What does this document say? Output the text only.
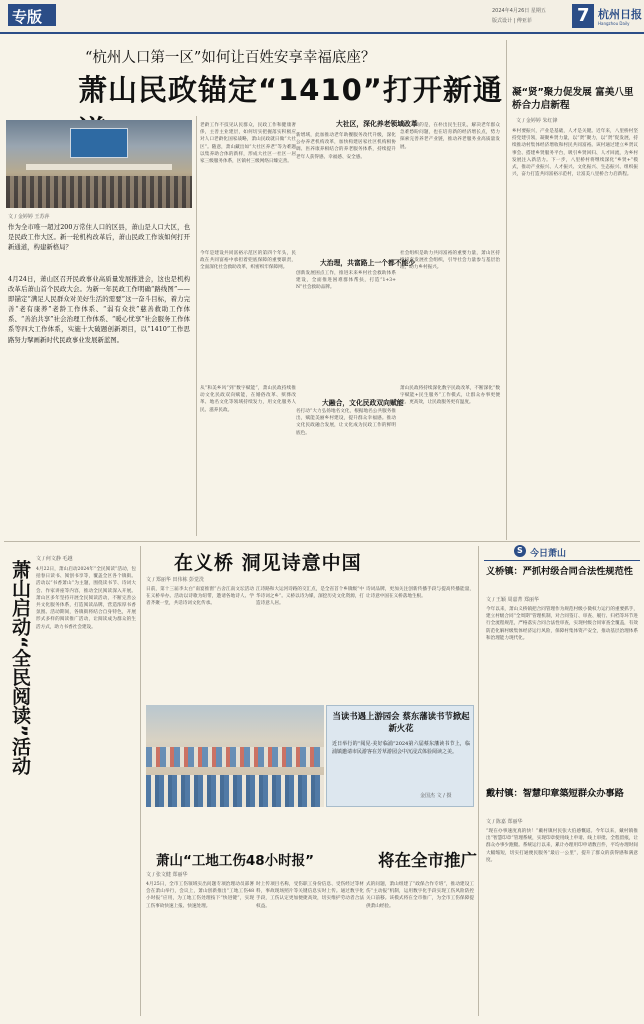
专版	2024年4月26日 星期五
版式设计 | 傅亚菲	7 杭州日报
Hangzhou Daily
“杭州人口第一区”如何让百姓安享幸福底座？
萧山民政锚定“1410”打开新通
文 / 金婷婷 王苏萍
作为全市唯一超过200万常住人口的区县，萧山是人口大区，也是民政工作大区。新一轮机构改革后，萧山民政工作该如何打开新通道，构建新格局？
4月24日，萧山区召开民政事业高质量发展推进会，这也是机构改革后萧山首个民政大会。为新一年民政工作明确“路线图”——即锚定“满足人民群众对美好生活的需要”这一奋斗目标，着力完善“老有康养”老龄工作体系、“弱有众扶”慈善救助工作体系、“善治共享”社会治理工作体系、“暖心忧享”社会服务工作体系等四大工作体系，实施十大破题创新项目，以“1410”工作思路努力擘画新时代民政事业发展新蓝图。
老龄工作不技见认民群众，民政工作和健康奢侈，主善主业建层，如何切实把握落实积极应对人口老龄化国家战略，萧山民政就日做“大社区”。随意，萧山藏出如“大社区养老”等为难题以集养助合体的新样，形成大社区一社区一居家三级服务体系，区镇村三级网络日臻完善。
大社区，深化养老领域改革
新增域，此加推动老年助餐服务改代升级，深化公办养老机构改革，加快构建居家社区机构相协调、医养康养相结合的养老服务体系，持续提升老年人获得感、幸福感、安全感。
得持一颈的是，在朴出民生狂轧，解决老年群众急难愁盼问题，也在培育新的经济增长点，势力探索完善养老产业链，推动养老服务业高质量发展。
大治理，共富路上一个都不能少
今年是建设共同富裕示范区的第四个年头，民政在共同富裕中承担着兜底保障的重要职责，全面深化社会救助改革，织密织牢保障网。
创新发展困点工作，推进未来乡村社会救助体系建设，全面推进困难群体帮扶，打造“1+3+N”社会救助品牌。
社会组织是助力共同富裕的重要力量，萧山区持续培育发展社会组织，引导社会力量参与基层治理，助力乡村振兴。
大融合，文化民政双向赋能
从“和美乡风”到“数字赋能”，萧山民政持续推动文化民政双向赋能，在婚俗改革、殡葬改革、地名文化等领域持续发力，用文化服务人民、滋养民政。	名打动“大力弘扬地名文化，根据地名公共服务推出，赋能美丽乡村建设，提升群众幸福感。推动文化民政融合发展，让文化成为民政工作的鲜明底色。
萧山民政将持续深化数字民政改革，不断深化“数字赋能+民生服务”工作模式，让群众办事更便捷、更高效，让民政服务更有温度。
凝“贤”聚力促发展 富美八里桥合力启新程
文 / 金婷婷 朱红锋
乡村要振兴，产业是基础，人才是关键。近年来，八里桥村坚持党建引领，凝聚乡贤力量，以“贤”聚力，以“贤”促发展，持续推动村集体经济增收和村民共同富裕。该村通过建立乡贤议事会、搭建乡贤服务平台，吸引乡贤回归、人才回流，为乡村发展注入新活力。下一步，八里桥村将继续深化“乡贤+”模式，推动产业振兴、人才振兴、文化振兴、生态振兴、组织振兴，奋力打造共同富裕示范村，让富美八里桥合力启新程。
萧山启动“全民阅读”活动
文 / 何文静 毛越
4月22日，萧山启动2024年“全民阅读”活动，包括春日读书、阅创书享等，覆盖全区各个镇街。活动以“书香萧山”为主题，围绕读书节、诗词大会、作家讲座等内容，推动全民阅读深入开展。萧山区多年坚持开展全民阅读活动，不断完善公共文化服务体系，打造阅读品牌，营造浓厚书香氛围。活动期间，各镇街将结合自身特色，开展形式多样的阅读推广活动，让阅读成为群众的生活方式，助力书香社会建设。
在义桥 洞见诗意中国
文 / 郑丽华 田伟栋 彭觉洗
日前，第十三届李太白“南宴推窗”古舍江南文坛活动在义桥举办。活动以诗歌为纽带，邀请各地诗人、学者齐聚一堂，共话诗词文化传承。
江诗路和大运河诗路的交汇点，是全省首个乡镇级“中华诗词之乡”。义桥以诗为媒，深挖历史文化资源，打造诗意人居。
诗词品牌，更加关注创新传播手段与提高传播能量，让诗意中国在义桥落地生根。
当读书遇上游园会 蔡东藩读书节掀起新火花
近日举行的“阅见·美好临浦”2024第六届蔡东藩读书节上，临浦镇邀请市民游客在芳草游园会中沉浸式体验阅读之美。
金国杰 文 / 摄
萧山“工地工伤48小时报”
文 / 张文健 郑丽华
将在全市推广
4月25日，全市工伤领域实出问题专项治理动员部署会在萧山举行，会议上，萧山创新推出“工地工伤48小时报”应用，为工地工伤处理按下“快进键”，实现工伤事故快速上报、快速处理。
时上传项目名称，受伤职工身份信息、受伤经过等材料，事故现场照片等关键信息实时上传。通过数字化手段，工伤认定更加便捷高效，切实维护劳动者合法权益。
式的问题，萧山组建了“政保合作专班”，推动建设工伤“主动报”机制，运用数字化手段实现工伤风险防控关口前移。该模式将在全市推广，为全市工伤保障提供萧山经验。
S 今日萧山
义桥镇：严抓村级合同合法性规范性
文 / 王颖 周嘉菁 郑丽华
今年以来，萧山义桥镇把合同管理作为规范村级小微权力运行的重要抓手，建立村级合同“全周期”管理机制，对合同签订、审查、履行、归档等环节进行全流程规范，严格落实合同合法性审查，实现村级合同审查全覆盖，有效防范化解村级集体经济运行风险，保障村集体资产安全，推动基层治理体系和治理能力现代化。
戴村镇：智慧印章築短群众办事路
文 / 陈嘉 郑丽华
“现在办事速度真的快！”戴村镇村民张大伯感慨道。今年以来，戴村镇推出“智慧印章”管理系统，实现印章使用线上申请、线上审批、全程留痕，让群众办事少跑腿。系统运行以来，累计办理用印申请数百件，平均办理时间大幅缩短，切实打通便民服务“最后一公里”，提升了群众的获得感和满意度。
